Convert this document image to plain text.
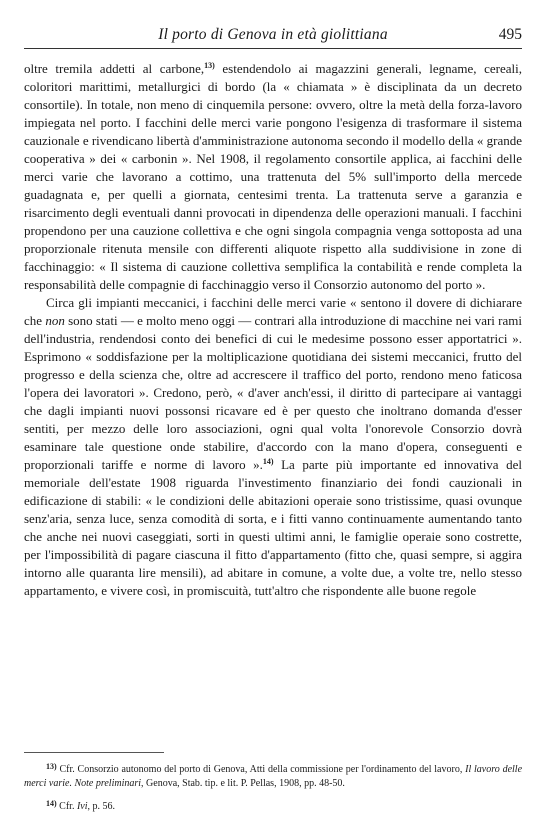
Il porto di Genova in età giolittiana	495

oltre tremila addetti al carbone,$^{13)}$ estendendolo ai magazzini generali, legname, cereali, coloritori marittimi, metallurgici di bordo (la « chiamata » è disciplinata da un decreto consortile). In totale, non meno di cinquemila persone: ovvero, oltre la metà della forza-lavoro impiegata nel porto. I facchini delle merci varie pongono l'esigenza di trasformare il sistema cauzionale e rivendicano libertà d'amministrazione autonoma secondo il modello della « grande cooperativa » dei « carbonin ». Nel 1908, il regolamento consortile applica, ai facchini delle merci varie che lavorano a cottimo, una trattenuta del 5% sull'importo della mercede guadagnata e, per quelli a giornata, centesimi trenta. La trattenuta serve a garanzia e risarcimento degli eventuali danni provocati in dipendenza delle operazioni manuali. I facchini propendono per una cauzione collettiva e che ogni singola compagnia venga sottoposta ad una proporzionale ritenuta mensile con differenti aliquote rispetto alla suddivisione in zone di facchinaggio: « Il sistema di cauzione collettiva semplifica la contabilità e rende completa la responsabilità delle compagnie di facchinaggio verso il Consorzio autonomo del porto ».

Circa gli impianti meccanici, i facchini delle merci varie « sentono il dovere di dichiarare che non sono stati — e molto meno oggi — contrari alla introduzione di macchine nei vari rami dell'industria, rendendosi conto dei benefici di cui le medesime possono esser apportatrici ». Esprimono « soddisfazione per la moltiplicazione quotidiana dei sistemi meccanici, frutto del progresso e della scienza che, oltre ad accrescere il traffico del porto, rendono meno faticosa l'opera dei lavoratori ». Credono, però, « d'aver anch'essi, il diritto di partecipare ai vantaggi che dagli impianti nuovi possonsi ricavare ed è per questo che inoltrano domanda d'esser sentiti, per mezzo delle loro associazioni, ogni qual volta l'onorevole Consorzio dovrà esaminare tale questione onde stabilire, d'accordo con la mano d'opera, conseguenti e proporzionali tariffe e norme di lavoro ».$^{14)}$ La parte più importante ed innovativa del memoriale dell'estate 1908 riguarda l'investimento finanziario dei fondi cauzionali in edificazione di stabili: « le condizioni delle abitazioni operaie sono tristissime, quasi ovunque senz'aria, senza luce, senza comodità di sorta, e i fitti vanno continuamente aumentando tanto che anche nei nuovi caseggiati, sorti in questi ultimi anni, le famiglie operaie sono costrette, per l'impossibilità di pagare ciascuna il fitto d'appartamento (fitto che, quasi sempre, si aggira intorno alle quaranta lire mensili), ad abitare in comune, a volte due, a volte tre, nello stesso appartamento, e vivere così, in promiscuità, tutt'altro che rispondente alle buone regole

$^{13)}$ Cfr. Consorzio autonomo del porto di Genova, Atti della commissione per l'ordinamento del lavoro, Il lavoro delle merci varie. Note preliminari, Genova, Stab. tip. e lit. P. Pellas, 1908, pp. 48-50.

$^{14)}$ Cfr. Ivi, p. 56.
